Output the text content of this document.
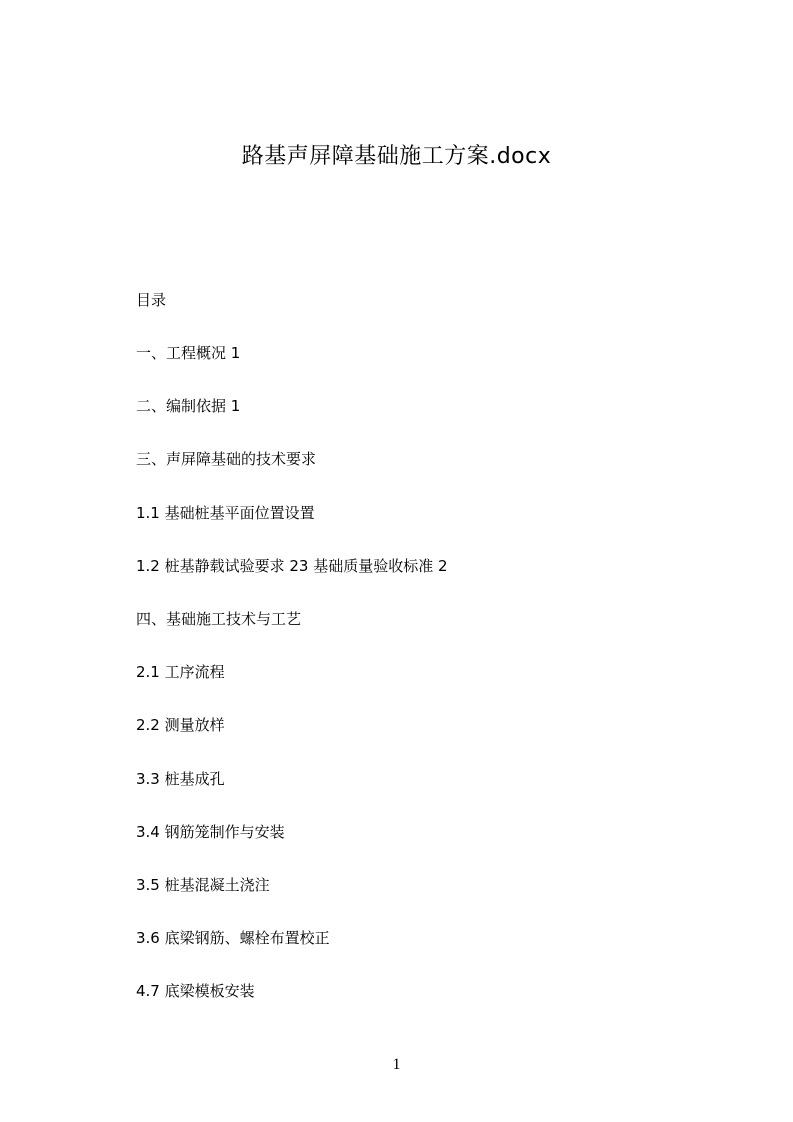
路基声屏障基础施工方案.docx
目录
一、工程概况 1
二、编制依据 1
三、声屏障基础的技术要求
1.1 基础桩基平面位置设置
1.2 桩基静载试验要求 23 基础质量验收标准 2
四、基础施工技术与工艺
2.1 工序流程
2.2 测量放样
3.3 桩基成孔
3.4 钢筋笼制作与安装
3.5 桩基混凝土浇注
3.6 底梁钢筋、螺栓布置校正
4.7 底梁模板安装
1
